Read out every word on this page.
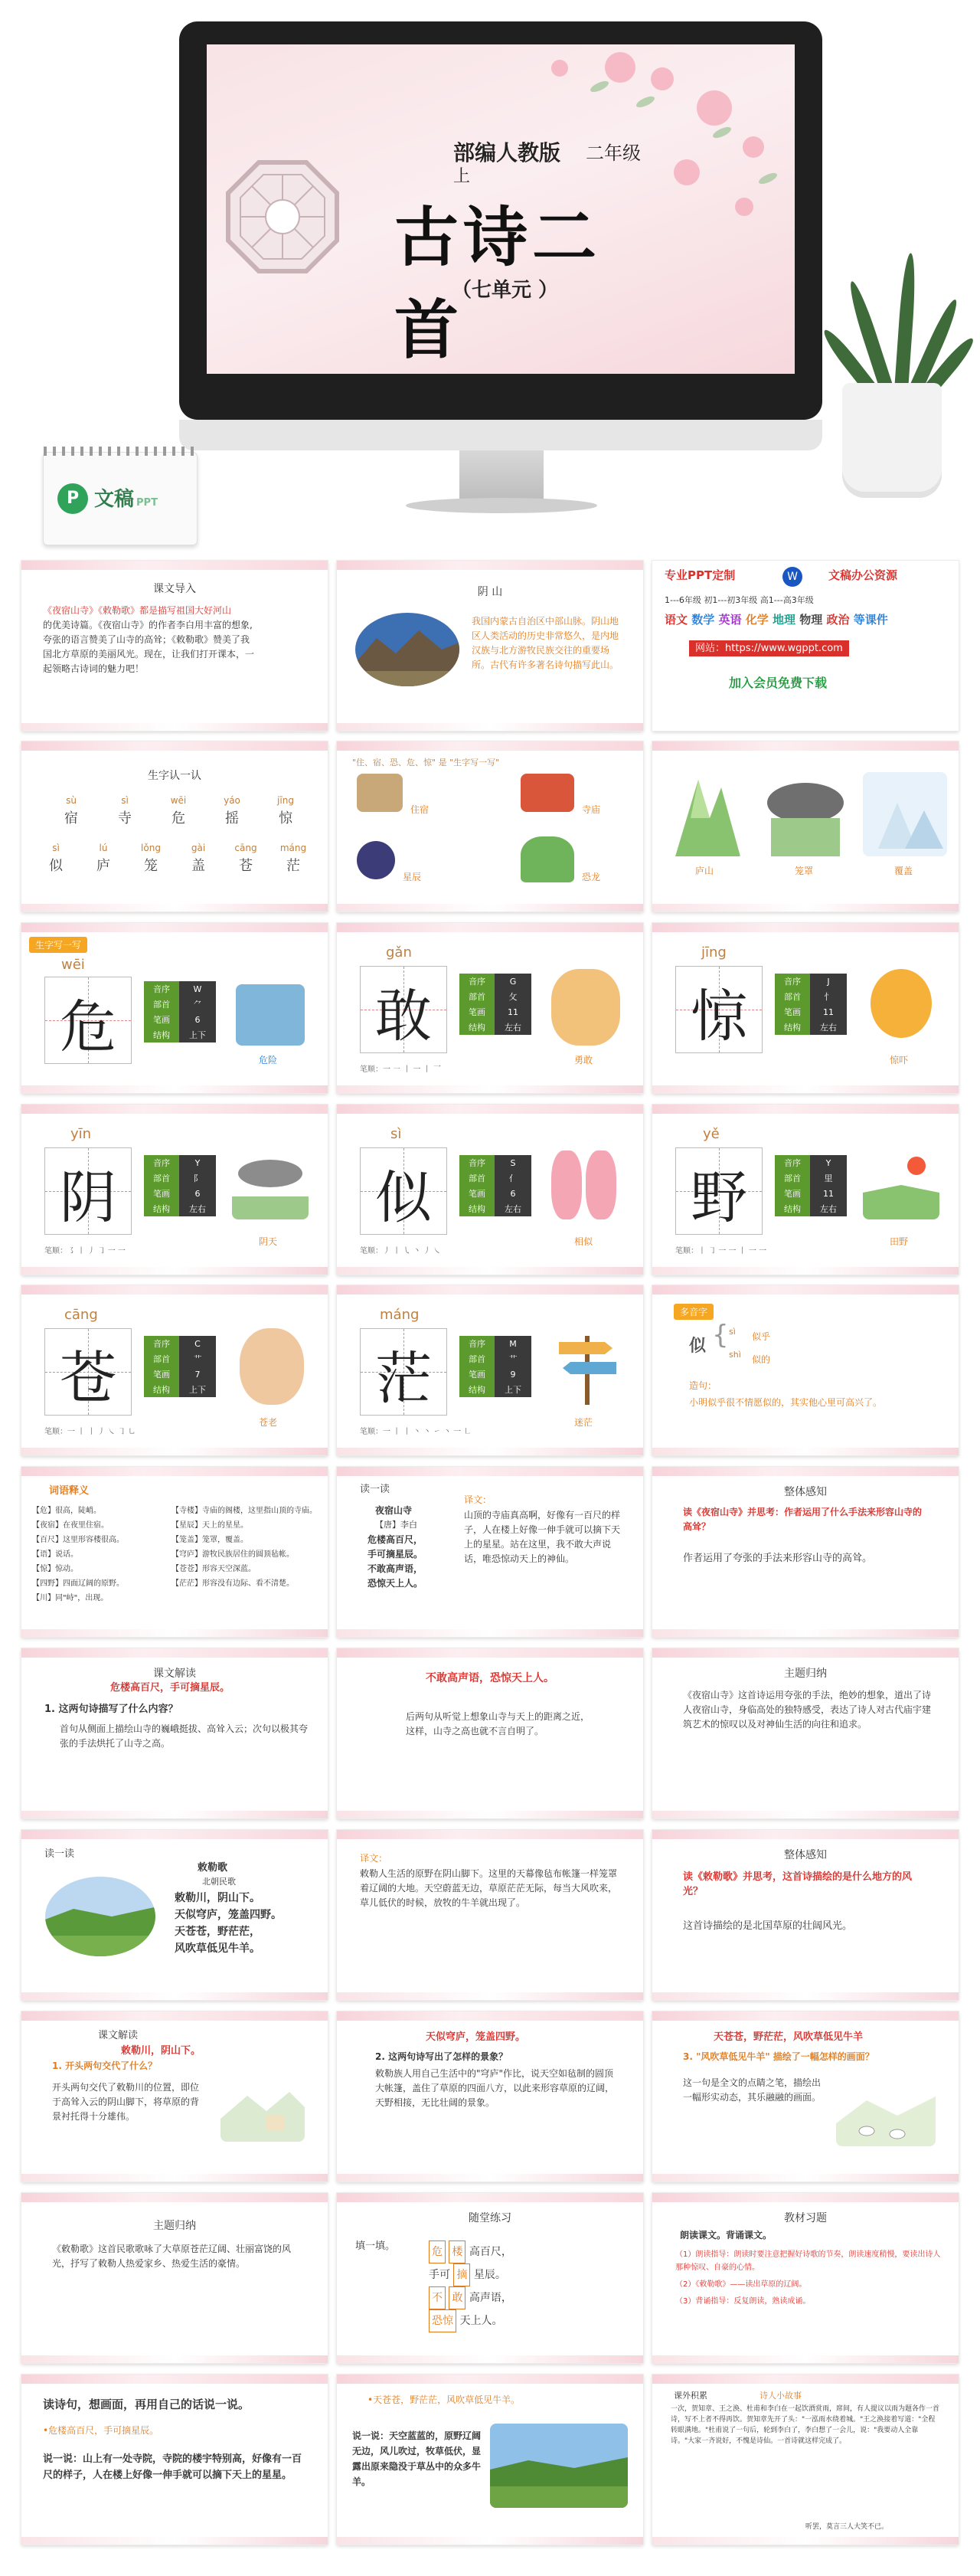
部编人教版 二年级
上
古诗二首
（七单元 ）
P 文稿 PPT
课文导入
《夜宿山寺》《敕勒歌》都是描写祖国大好河山
的优美诗篇。《夜宿山寺》的作者李白用丰富的想象,
夸张的语言赞美了山寺的高耸；《敕勒歌》赞美了我
国北方草原的美丽风光。现在，让我们打开课本，一
起领略古诗词的魅力吧！
阴 山
我国内蒙古自治区中部山脉。阴山地区人类活动的历史非常悠久，是内地汉族与北方游牧民族交往的重要场所。古代有许多著名诗句描写此山。
专业PPT定制	W	文稿办公资源
1---6年级 初1---初3年级 高1---高3年级
语文 数学 英语 化学 地理 物理 政治 等课件
网站：https://www.wgppt.com
加入会员免费下载
生字认一认
sù
宿
sì
寺
wēi
危
yáo
摇
jīng
惊
sì
似
lú
庐
lǒng
笼
gài
盖
cāng
苍
máng
茫
"住、宿、恐、危、惊" 是 "生字写一写"
住宿	寺庙
星辰	恐龙
庐山	笼罩	覆盖
生字写一写
wēi
危
音序	W
部首	⺈
笔画	6
结构	上下
危险
gǎn
敢
音序	G
部首	攵
笔画	11
结构	左右
勇敢
笔顺：一 ㇐ 丨 一 丨 乛
jīng
惊
音序	J
部首	忄
笔画	11
结构	左右
惊吓
yīn
阴
音序	Y
部首	阝
笔画	6
结构	左右
阴天
笔顺：㇌ 丨 丿 ㇆ 一 一
sì
似
音序	S
部首	亻
笔画	6
结构	左右
相似
笔顺：丿 丨 ㇂ 丶 丿 ㇏
yě
野
音序	Y
部首	里
笔画	11
结构	左右
田野
笔顺：丨 ㇆ 一 一 丨 一 一
cāng
苍
音序	C
部首	艹
笔画	7
结构	上下
苍老
笔顺：一 丨 丨 丿 ㇏ ㇆ ㇟
máng
茫
音序	M
部首	艹
笔画	9
结构	上下
迷茫
笔顺：一 丨 丨 丶 丶 ㇀ 丶 一 ㇗
多音字
似 { sì 似乎
shì 似的
造句：
小明似乎很不情愿似的，其实他心里可高兴了。
词语释义
【危】很高，陡峭。
【夜宿】在夜里住宿。
【百尺】这里形容楼很高。
【语】说话。
【惊】惊动。
【四野】四面辽阔的原野。
【川】同"峙"，出现。
【寺楼】寺庙的阁楼，这里指山顶的寺庙。
【星辰】天上的星星。
【笼盖】笼罩，覆盖。
【穹庐】游牧民族居住的圆顶毡帐。
【苍苍】形容天空深蓝。
【茫茫】形容没有边际、看不清楚。
读一读
夜宿山寺
【唐】李白
危楼高百尺，
手可摘星辰。
不敢高声语，
恐惊天上人。
译文：
山顶的寺庙真高啊，好像有一百尺的样子，人在楼上好像一伸手就可以摘下天上的星星。站在这里，我不敢大声说话，唯恐惊动天上的神仙。
整体感知
读《夜宿山寺》并思考：作者运用了什么手法来形容山寺的高耸？
作者运用了夸张的手法来形容山寺的高耸。
课文解读
危楼高百尺，手可摘星辰。
1. 这两句诗描写了什么内容？
首句从侧面上描绘山寺的巍峨挺拔、高耸入云；次句以极其夸张的手法烘托了山寺之高。
不敢高声语，恐惊天上人。
后两句从听觉上想象山寺与天上的距离之近，这样，山寺之高也就不言自明了。
主题归纳
《夜宿山寺》这首诗运用夸张的手法，绝妙的想象，道出了诗人夜宿山寺，身临高处的独特感受，表达了诗人对古代庙宇建筑艺术的惊叹以及对神仙生活的向往和追求。
读一读
敕勒歌
北朝民歌
敕勒川，阴山下。
天似穹庐，笼盖四野。
天苍苍，野茫茫，
风吹草低见牛羊。
译文：
敕勒人生活的原野在阴山脚下。这里的天幕像毡布帐篷一样笼罩着辽阔的大地。天空蔚蓝无边，草原茫茫无际，每当大风吹来，草儿低伏的时候，放牧的牛羊就出现了。
整体感知
读《敕勒歌》并思考，这首诗描绘的是什么地方的风光？
这首诗描绘的是北国草原的壮阔风光。
课文解读
敕勒川，阴山下。
1. 开头两句交代了什么？
开头两句交代了敕勒川的位置，即位于高耸入云的阴山脚下，将草原的背景衬托得十分雄伟。
天似穹庐，笼盖四野。
2. 这两句诗写出了怎样的景象？
敕勒族人用自己生活中的"穹庐"作比，说天空如毡制的圆顶大帐篷，盖住了草原的四面八方，以此来形容草原的辽阔，天野相接，无比壮阔的景象。
天苍苍，野茫茫，风吹草低见牛羊
3. "风吹草低见牛羊" 描绘了一幅怎样的画面？
这一句是全文的点睛之笔，描绘出一幅形实动态，其乐融融的画面。
主题归纳
《敕勒歌》这首民歌歌咏了大草原苍茫辽阔、壮丽富饶的风光，抒写了敕勒人热爱家乡、热爱生活的豪情。
随堂练习
填一填。	危 楼 高百尺，
手可 摘 星辰。
不 敢 高声语，
恐惊 天上人。
教材习题
朗读课文。背诵课文。
（1）朗读指导：朗读时要注意把握好诗歌的节奏，朗读速度稍慢，要读出诗人那种惊叹、自豪的心情。
（2）《敕勒歌》——读出草原的辽阔。
（3）背诵指导：反复朗读，熟读成诵。
读诗句，想画面，再用自己的话说一说。
•危楼高百尺，手可摘星辰。
说一说：山上有一处寺院，寺院的楼宇特别高，好像有一百尺的样子，人在楼上好像一伸手就可以摘下天上的星星。
•天苍苍，野茫茫，风吹草低见牛羊。
说一说：天空蓝蓝的，原野辽阔无边，风儿吹过，牧草低伏，显露出原来隐没于草丛中的众多牛羊。
课外积累	诗人小故事
一次，贺知章、王之涣、杜甫和李白在一起饮酒赏雨，席间，有人提议以雨为题各作一首诗，写不上者不得再饮。贺知章先开了头："一泓雨水绕着城。"王之涣接着写道："全程转眼满地。"杜甫说了一句后，轮到李白了，李白想了一会儿，说："我要动人全靠诗。"大家一齐说好，不愧是诗仙。一首诗就这样完成了。
听罢，莫言三人大笑不已。
